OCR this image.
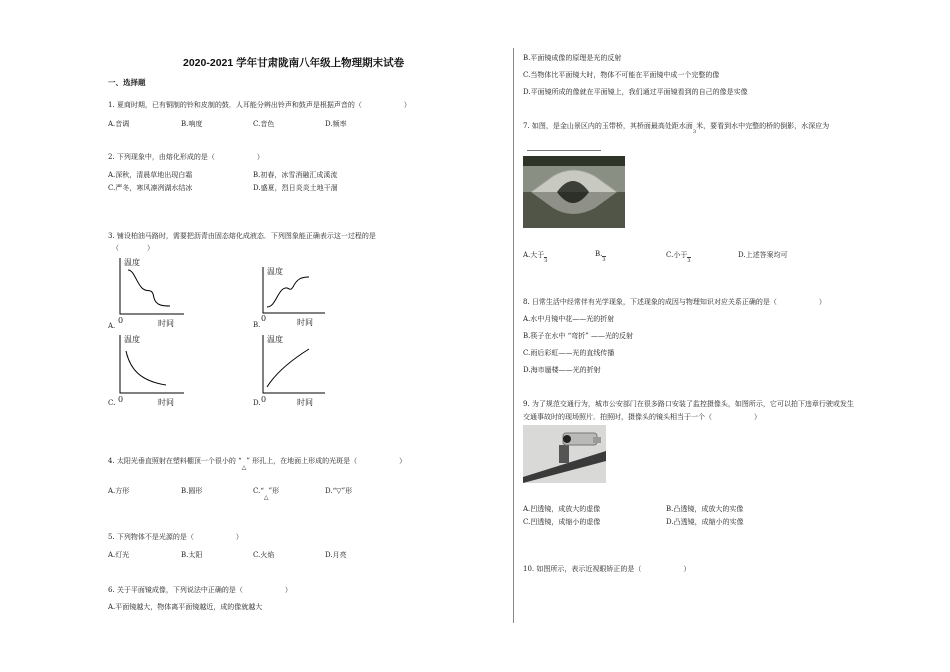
2020-2021 学年甘肃陇南八年级上物理期末试卷
一、选择题
1. 夏商时期，已有铜制的铃和皮制的鼓．人耳能分辨出铃声和鼓声是根据声音的（　　　　　　）
A.音调	B.响度	C.音色	D.频率
2. 下列现象中，由熔化形成的是（　　　　　　）
A.深秋，清晨草地出现白霜	B.初春，冰雪消融汇成溪流
C.严冬，寒风凛冽湖水结冰	D.盛夏，烈日炎炎土地干涸
3. 铺设柏油马路时，需要把沥青由固态熔化成液态．下列图象能正确表示这一过程的是
（　　　　）
温度
0	时间
A.
温度
0	时间
B.
温度
0	时间
C.
温度
0	时间
D.
4. 太阳光垂直照射在塑料棚顶一个很小的 “△” 形孔上，在地面上形成的光斑是（　　　　　　）
A.方形	B.圆形	C.“△”形	D.“▽”形
5. 下列物体不是光源的是（　　　　　　）
A.灯光	B.太阳	C.火焰	D.月亮
6. 关于平面镜成像，下列说法中正确的是（　　　　　　）
A.平面镜越大，物体离平面镜越近，成的像就越大
B.平面镜成像的原理是光的反射
C.当物体比平面镜大时，物体不可能在平面镜中成一个完整的像
D.平面镜所成的像就在平面镜上，我们通过平面镜看到的自己的像是实像
7. 如图，是金山景区内的玉带桥，其桥面最高处距水面$_3$米，要看到水中完整的桥的倒影，水深应为
A.大于$_3$
$B._3$
C.小于$_3$
D.上述答案均可
8. 日常生活中经常伴有光学现象，下述现象的成因与物理知识对应关系正确的是（　　　　　　）
A.水中月镜中花——光的折射
B.筷子在水中 “弯折” ——光的反射
C.雨后彩虹——光的直线传播
D.海市蜃楼——光的折射
9. 为了规范交通行为，城市公安部门在很多路口安装了监控摄像头，如图所示，它可以拍下违章行驶或发生
交通事故时的现场照片．拍照时，摄像头的镜头相当于一个（　　　　　　）
A.凹透镜，成放大的虚像	B.凸透镜，成放大的实像
C.凹透镜，成缩小的虚像	D.凸透镜，成缩小的实像
10. 如图所示，表示近视眼矫正的是（　　　　　　）
